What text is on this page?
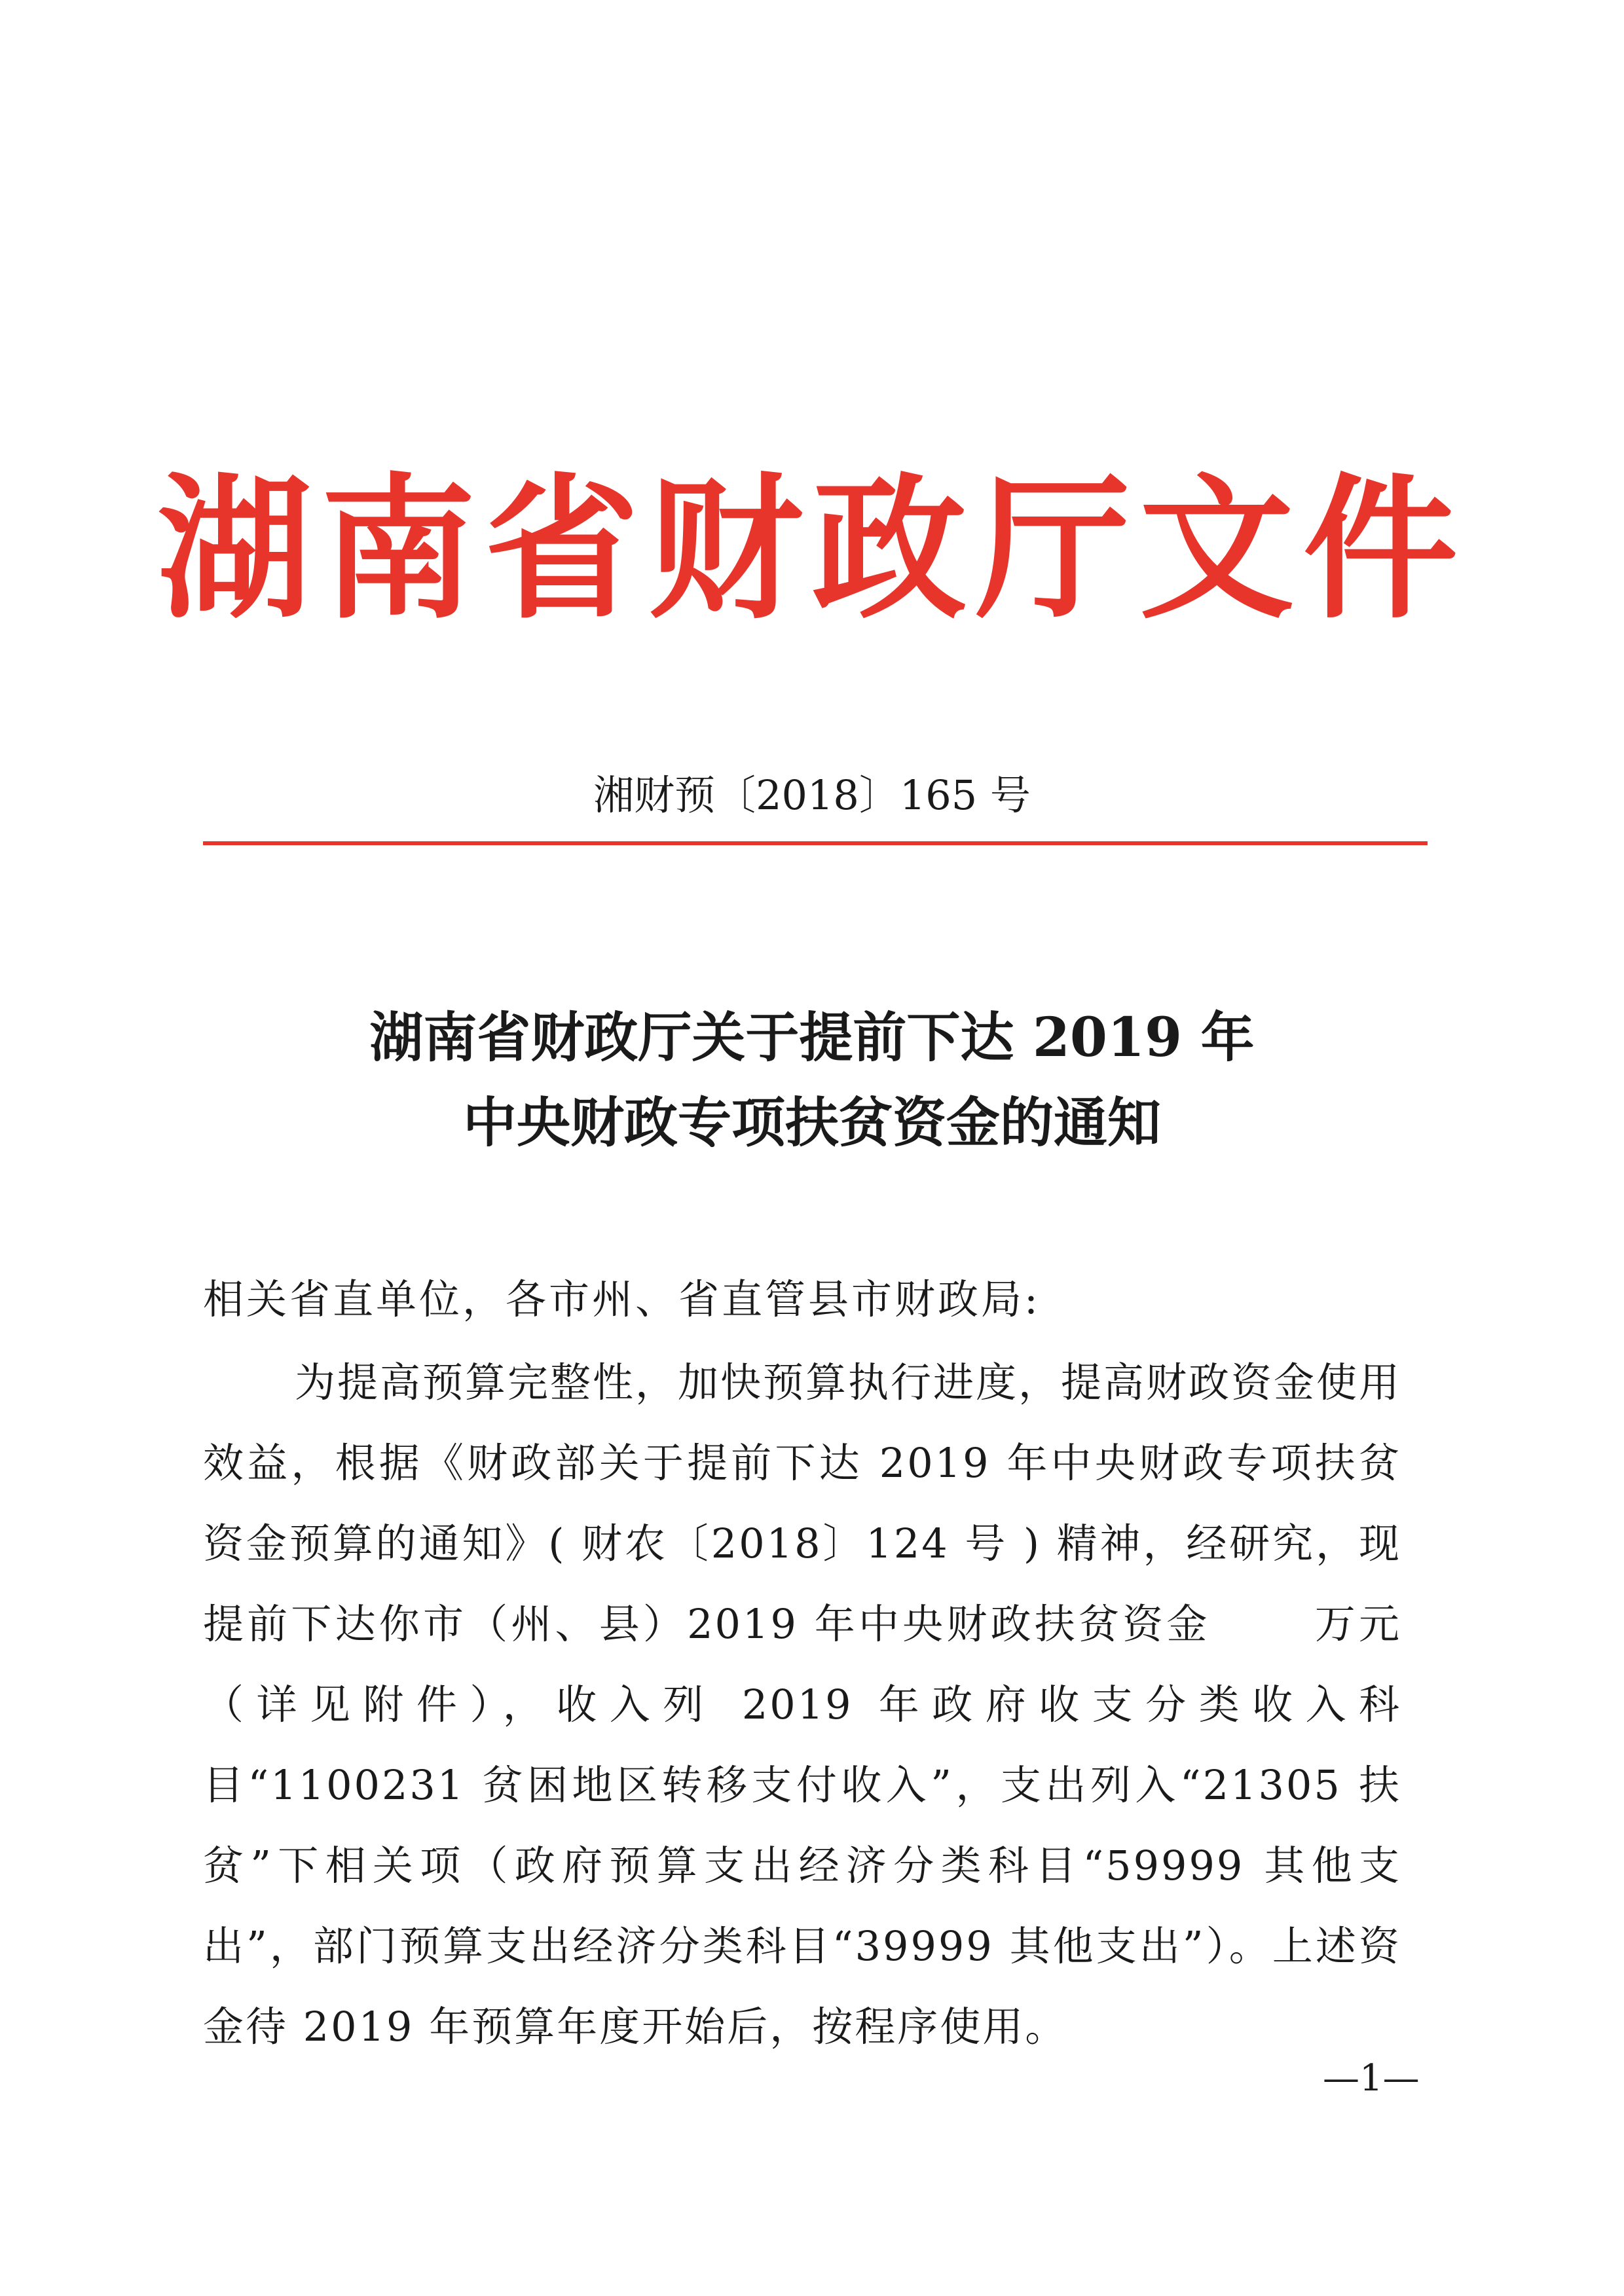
湖南省财政厅文件
湘财预〔2018〕165 号
湖南省财政厅关于提前下达 2019 年
中央财政专项扶贫资金的通知
相关省直单位，各市州、省直管县市财政局:
为提高预算完整性，加快预算执行进度，提高财政资金使用效益，根据《财政部关于提前下达 2019 年中央财政专项扶贫资金预算的通知》( 财农〔2018〕124 号 ) 精神，经研究，现提前下达你市（州、县）2019 年中央财政扶贫资金　　 万元（详见附件），收入列 2019 年政府收支分类收入科目“1100231 贫困地区转移支付收入”，支出列入“21305 扶贫”下相关项（政府预算支出经济分类科目“59999 其他支出”，部门预算支出经济分类科目“39999 其他支出”）。上述资金待 2019 年预算年度开始后，按程序使用。
—1—
